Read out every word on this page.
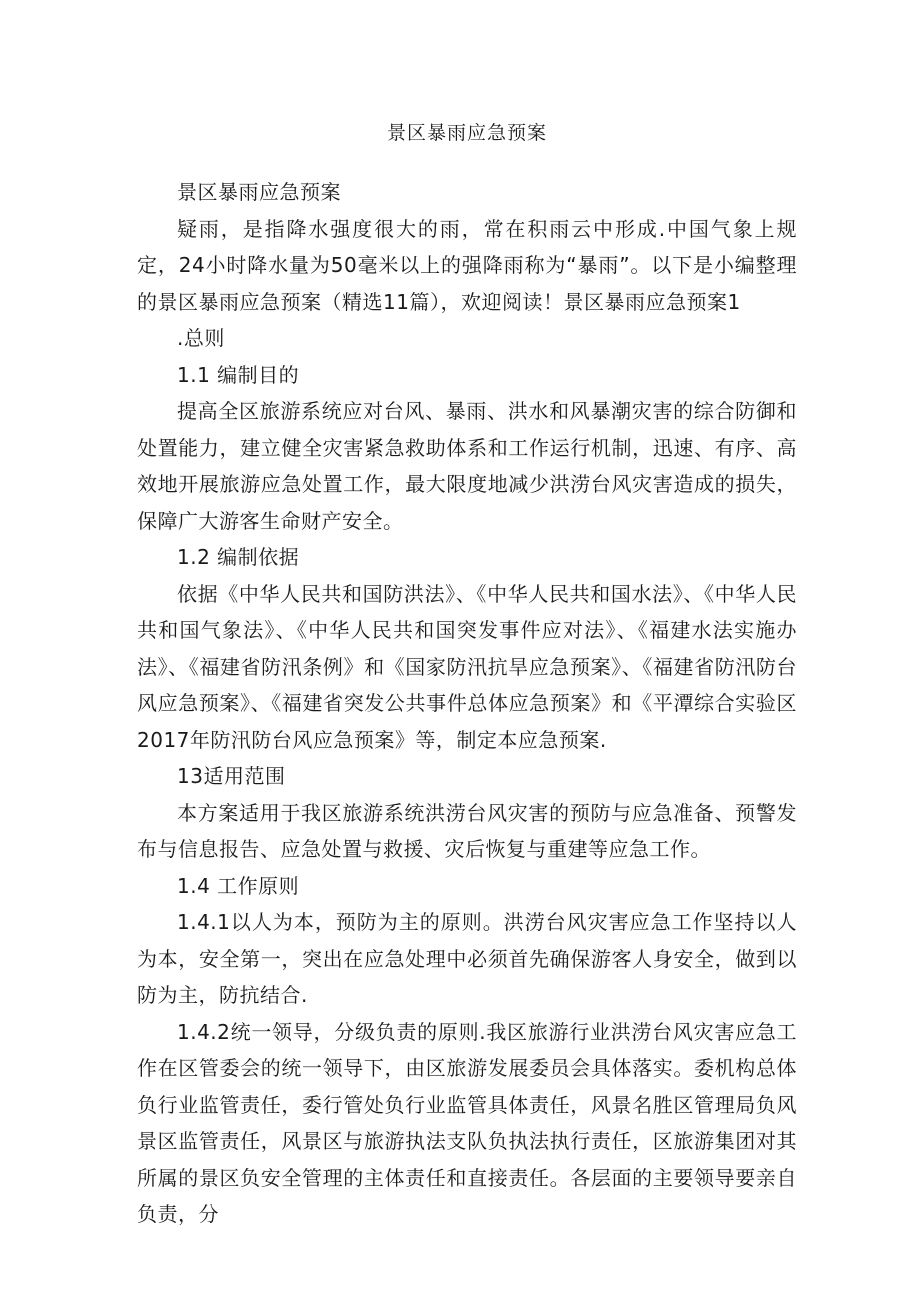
景区暴雨应急预案

景区暴雨应急预案

疑雨，是指降水强度很大的雨，常在积雨云中形成.中国气象上规定，24小时降水量为50毫米以上的强降雨称为“暴雨”。以下是小编整理的景区暴雨应急预案（精选11篇），欢迎阅读！景区暴雨应急预案1

.总则

1.1 编制目的

提高全区旅游系统应对台风、暴雨、洪水和风暴潮灾害的综合防御和处置能力，建立健全灾害紧急救助体系和工作运行机制，迅速、有序、高效地开展旅游应急处置工作，最大限度地减少洪涝台风灾害造成的损失，保障广大游客生命财产安全。

1.2 编制依据

依据《中华人民共和国防洪法》、《中华人民共和国水法》、《中华人民共和国气象法》、《中华人民共和国突发事件应对法》、《福建水法实施办法》、《福建省防汛条例》和《国家防汛抗旱应急预案》、《福建省防汛防台风应急预案》、《福建省突发公共事件总体应急预案》和《平潭综合实验区2017年防汛防台风应急预案》等，制定本应急预案.

13适用范围

本方案适用于我区旅游系统洪涝台风灾害的预防与应急准备、预警发布与信息报告、应急处置与救援、灾后恢复与重建等应急工作。

1.4 工作原则

1.4.1以人为本，预防为主的原则。洪涝台风灾害应急工作坚持以人为本，安全第一，突出在应急处理中必须首先确保游客人身安全，做到以防为主，防抗结合.

1.4.2统一领导，分级负责的原则.我区旅游行业洪涝台风灾害应急工作在区管委会的统一领导下，由区旅游发展委员会具体落实。委机构总体负行业监管责任，委行管处负行业监管具体责任，风景名胜区管理局负风景区监管责任，风景区与旅游执法支队负执法执行责任，区旅游集团对其所属的景区负安全管理的主体责任和直接责任。各层面的主要领导要亲自负责，分
